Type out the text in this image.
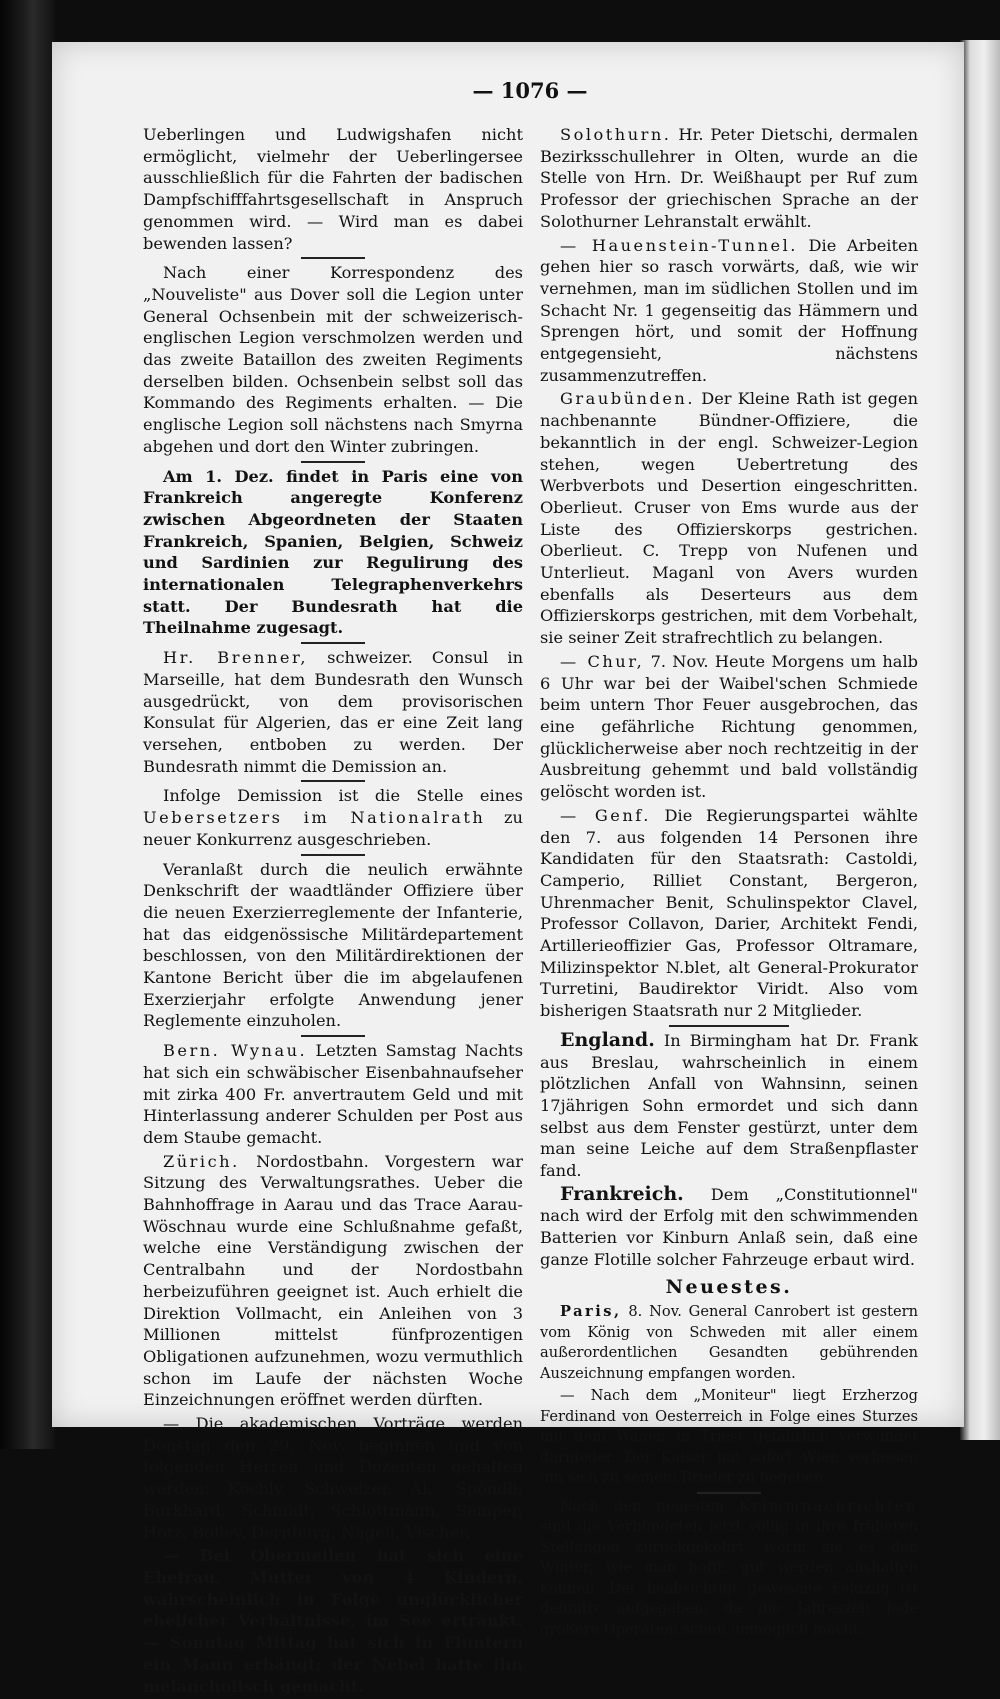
— 1076 —

Ueberlingen und Ludwigshafen nicht ermöglicht, vielmehr der Ueberlingersee ausschließlich für die Fahrten der badischen Dampfschifffahrtsgesellschaft in Anspruch genommen wird. — Wird man es dabei bewenden lassen?

Nach einer Korrespondenz des „Nouveliste" aus Dover soll die Legion unter General Ochsenbein mit der schweizerisch-englischen Legion verschmolzen werden und das zweite Bataillon des zweiten Regiments derselben bilden. Ochsenbein selbst soll das Kommando des Regiments erhalten. — Die englische Legion soll nächstens nach Smyrna abgehen und dort den Winter zubringen.

Am 1. Dez. findet in Paris eine von Frankreich angeregte Konferenz zwischen Abgeordneten der Staaten Frankreich, Spanien, Belgien, Schweiz und Sardinien zur Regulirung des internationalen Telegraphenverkehrs statt. Der Bundesrath hat die Theilnahme zugesagt.

Hr. Brenner, schweizer. Consul in Marseille, hat dem Bundesrath den Wunsch ausgedrückt, von dem provisorischen Konsulat für Algerien, das er eine Zeit lang versehen, entboben zu werden. Der Bundesrath nimmt die Demission an.

Infolge Demission ist die Stelle eines Uebersetzers im Nationalrath zu neuer Konkurrenz ausgeschrieben.

Veranlaßt durch die neulich erwähnte Denkschrift der waadtländer Offiziere über die neuen Exerzierreglemente der Infanterie, hat das eidgenössische Militärdepartement beschlossen, von den Militärdirektionen der Kantone Bericht über die im abgelaufenen Exerzierjahr erfolgte Anwendung jener Reglemente einzuholen.

Bern. Wynau. Letzten Samstag Nachts hat sich ein schwäbischer Eisenbahnaufseher mit zirka 400 Fr. anvertrautem Geld und mit Hinterlassung anderer Schulden per Post aus dem Staube gemacht.

Zürich. Nordostbahn. Vorgestern war Sitzung des Verwaltungsrathes. Ueber die Bahnhoffrage in Aarau und das Trace Aarau-Wöschnau wurde eine Schlußnahme gefaßt, welche eine Verständigung zwischen der Centralbahn und der Nordostbahn herbeizuführen geeignet ist. Auch erhielt die Direktion Vollmacht, ein Anleihen von 3 Millionen mittelst fünfprozentigen Obligationen aufzunehmen, wozu vermuthlich schon im Laufe der nächsten Woche Einzeichnungen eröffnet werden dürften.

— Die akademischen Vorträge werden Donstag den 29. Nov. beginnen und von folgenden Herren und Dozenten gehalten werden: Köchly, Schweizer, Al., Spöndli, Burkhard, Schmidt, Schlottmann, Semper, Hotz, Bolley, Dernburg, Nägeli, Vischer.

— Bei Obermeilen hat sich eine Ehefrau, Mutter von 4 Kindern, wahrscheinlich in Folge unglücklicher ehelicher Verhältnisse, im See ertränkt. — Sonntag Mittag hat sich in Fluntern ein Mann erhängt; der Nebel hatte ihn melancholisch gemacht.

Solothurn. Hr. Peter Dietschi, dermalen Bezirksschullehrer in Olten, wurde an die Stelle von Hrn. Dr. Weißhaupt per Ruf zum Professor der griechischen Sprache an der Solothurner Lehranstalt erwählt.

— Hauenstein-Tunnel. Die Arbeiten gehen hier so rasch vorwärts, daß, wie wir vernehmen, man im südlichen Stollen und im Schacht Nr. 1 gegenseitig das Hämmern und Sprengen hört, und somit der Hoffnung entgegensieht, nächstens zusammenzutreffen.

Graubünden. Der Kleine Rath ist gegen nachbenannte Bündner-Offiziere, die bekanntlich in der engl. Schweizer-Legion stehen, wegen Uebertretung des Werbverbots und Desertion eingeschritten. Oberlieut. Cruser von Ems wurde aus der Liste des Offizierskorps gestrichen. Oberlieut. C. Trepp von Nufenen und Unterlieut. Maganl von Avers wurden ebenfalls als Deserteurs aus dem Offizierskorps gestrichen, mit dem Vorbehalt, sie seiner Zeit strafrechtlich zu belangen.

— Chur, 7. Nov. Heute Morgens um halb 6 Uhr war bei der Waibel'schen Schmiede beim untern Thor Feuer ausgebrochen, das eine gefährliche Richtung genommen, glücklicherweise aber noch rechtzeitig in der Ausbreitung gehemmt und bald vollständig gelöscht worden ist.

— Genf. Die Regierungspartei wählte den 7. aus folgenden 14 Personen ihre Kandidaten für den Staatsrath: Castoldi, Camperio, Rilliet Constant, Bergeron, Uhrenmacher Benit, Schulinspektor Clavel, Professor Collavon, Darier, Architekt Fendi, Artillerieoffizier Gas, Professor Oltramare, Milizinspektor N.blet, alt General-Prokurator Turretini, Baudirektor Viridt. Also vom bisherigen Staatsrath nur 2 Mitglieder.

England. In Birmingham hat Dr. Frank aus Breslau, wahrscheinlich in einem plötzlichen Anfall von Wahnsinn, seinen 17jährigen Sohn ermordet und sich dann selbst aus dem Fenster gestürzt, unter dem man seine Leiche auf dem Straßenpflaster fand.

Frankreich. Dem „Constitutionnel" nach wird der Erfolg mit den schwimmenden Batterien vor Kinburn Anlaß sein, daß eine ganze Flotille solcher Fahrzeuge erbaut wird.

Neuestes.

Paris, 8. Nov. General Canrobert ist gestern vom König von Schweden mit aller einem außerordentlichen Gesandten gebührenden Auszeichnung empfangen worden.

— Nach dem „Moniteur" liegt Erzherzog Ferdinand von Oesterreich in Folge eines Sturzes mit dem Wagen in Triest gefährlich verwundet darnieder. Der Kaiser hat sofort Wien verlassen um sich zu seinem Bruder zu begeben.

Nach den neuesten Krimmnachrichten sind die Verbündeten jetzt völlig in ihre früheren Stellungen zurückgekehrt, worin sie es den Winter, wie man hofft, gut werden aushalten können. Der beabsichtigt gewesene Feldzug ist definitiv aufgegeben, da die Jahreszeit jede größere Operation schon unmöglich macht.
